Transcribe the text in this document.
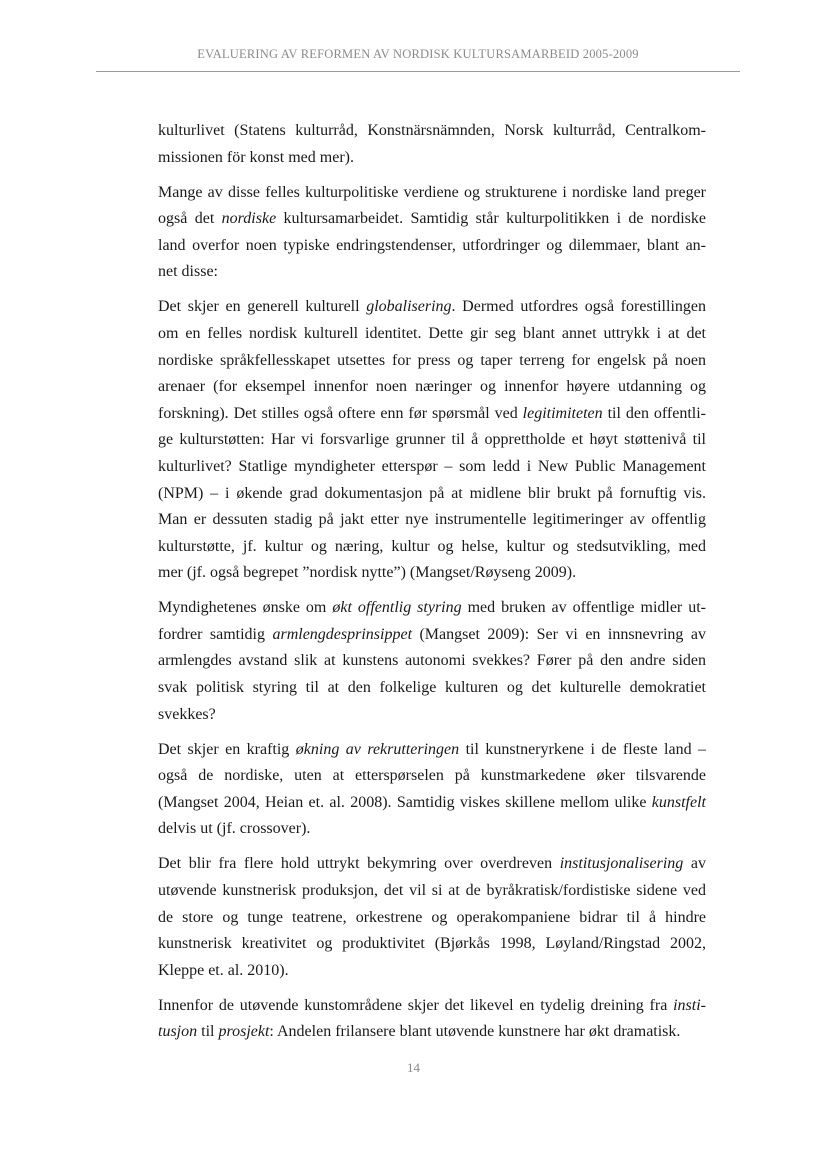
EVALUERING AV REFORMEN AV NORDISK KULTURSAMARBEID 2005-2009

kulturlivet (Statens kulturråd, Konstnärsnämnden, Norsk kulturråd, Centralkom-
missionen för konst med mer).

Mange av disse felles kulturpolitiske verdiene og strukturene i nordiske land preger
også det nordiske kultursamarbeidet. Samtidig står kulturpolitikken i de nordiske
land overfor noen typiske endringstendenser, utfordringer og dilemmaer, blant an-
net disse:

Det skjer en generell kulturell globalisering. Dermed utfordres også forestillingen
om en felles nordisk kulturell identitet. Dette gir seg blant annet uttrykk i at det
nordiske språkfellesskapet utsettes for press og taper terreng for engelsk på noen
arenaer (for eksempel innenfor noen næringer og innenfor høyere utdanning og
forskning). Det stilles også oftere enn før spørsmål ved legitimiteten til den offentli-
ge kulturstøtten: Har vi forsvarlige grunner til å opprettholde et høyt støttenivå til
kulturlivet? Statlige myndigheter etterspør – som ledd i New Public Management
(NPM) – i økende grad dokumentasjon på at midlene blir brukt på fornuftig vis.
Man er dessuten stadig på jakt etter nye instrumentelle legitimeringer av offentlig
kulturstøtte, jf. kultur og næring, kultur og helse, kultur og stedsutvikling, med
mer (jf. også begrepet ”nordisk nytte”) (Mangset/Røyseng 2009).

Myndighetenes ønske om økt offentlig styring med bruken av offentlige midler ut-
fordrer samtidig armlengdesprinsippet (Mangset 2009): Ser vi en innsnevring av
armlengdes avstand slik at kunstens autonomi svekkes? Fører på den andre siden
svak politisk styring til at den folkelige kulturen og det kulturelle demokratiet
svekkes?

Det skjer en kraftig økning av rekrutteringen til kunstneryrkene i de fleste land –
også de nordiske, uten at etterspørselen på kunstmarkedene øker tilsvarende
(Mangset 2004, Heian et. al. 2008). Samtidig viskes skillene mellom ulike kunstfelt
delvis ut (jf. crossover).

Det blir fra flere hold uttrykt bekymring over overdreven institusjonalisering av
utøvende kunstnerisk produksjon, det vil si at de byråkratisk/fordistiske sidene ved
de store og tunge teatrene, orkestrene og operakompaniene bidrar til å hindre
kunstnerisk kreativitet og produktivitet (Bjørkås 1998, Løyland/Ringstad 2002,
Kleppe et. al. 2010).

Innenfor de utøvende kunstområdene skjer det likevel en tydelig dreining fra insti-
tusjon til prosjekt: Andelen frilansere blant utøvende kunstnere har økt dramatisk.

14
